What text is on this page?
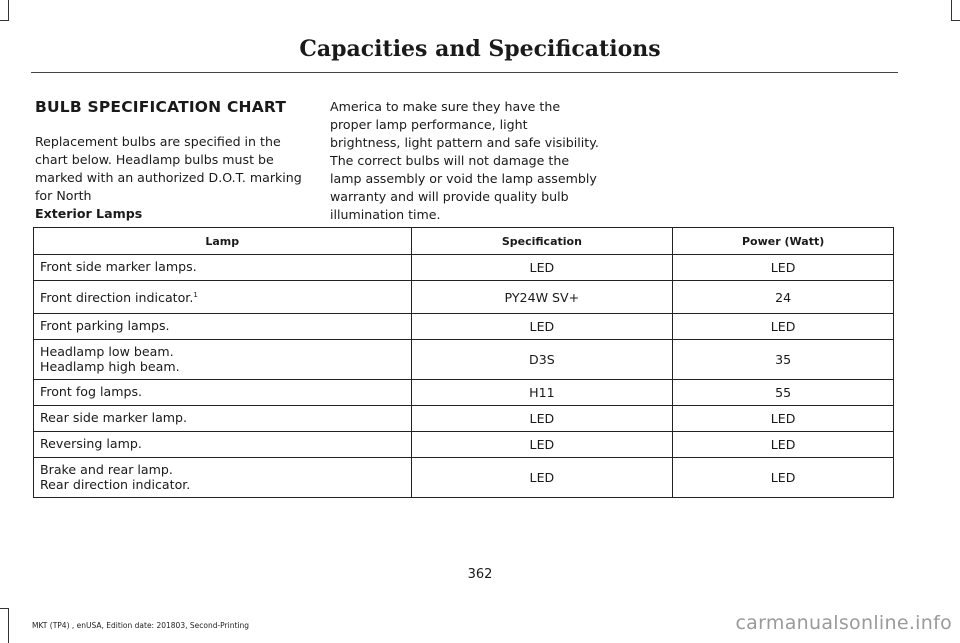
Capacities and Specifications
BULB SPECIFICATION CHART
Replacement bulbs are specified in the chart below. Headlamp bulbs must be marked with an authorized D.O.T. marking for North
America to make sure they have the proper lamp performance, light brightness, light pattern and safe visibility. The correct bulbs will not damage the lamp assembly or void the lamp assembly warranty and will provide quality bulb illumination time.
Exterior Lamps
Lamp	Specification	Power (Watt)
Front side marker lamps.	LED	LED
Front direction indicator.$^1$	PY24W SV+	24
Front parking lamps.	LED	LED
Headlamp low beam.
Headlamp high beam.	D3S	35
Front fog lamps.	H11	55
Rear side marker lamp.	LED	LED
Reversing lamp.	LED	LED
Brake and rear lamp.
Rear direction indicator.	LED	LED
362
MKT (TP4) , enUSA, Edition date: 201803, Second-Printing	carmanualsonline.info
